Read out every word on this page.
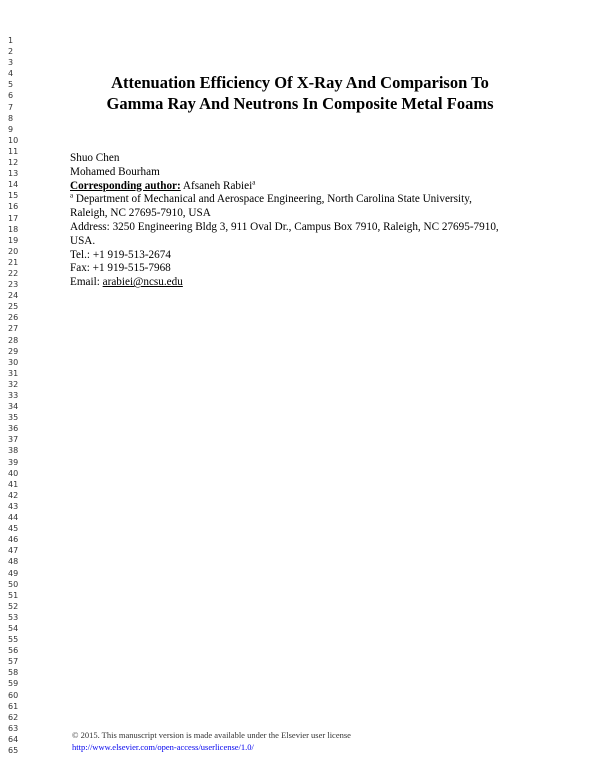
1
2
3
4
5
6
7
8
9
10
11
12
13
14
15
16
17
18
19
20
21
22
23
24
25
26
27
28
29
30
31
32
33
34
35
36
37
38
39
40
41
42
43
44
45
46
47
48
49
50
51
52
53
54
55
56
57
58
59
60
61
62
63
64
65
Attenuation Efficiency Of X-Ray And Comparison To
Gamma Ray And Neutrons In Composite Metal Foams
Shuo Chen
Mohamed Bourham
Corresponding author: Afsaneh Rabiei$^a$
$^a$ Department of Mechanical and Aerospace Engineering, North Carolina State University,
Raleigh, NC 27695-7910, USA
Address: 3250 Engineering Bldg 3, 911 Oval Dr., Campus Box 7910, Raleigh, NC 27695-7910,
USA.
Tel.: +1 919-513-2674
Fax: +1 919-515-7968
Email: arabiei@ncsu.edu
© 2015. This manuscript version is made available under the Elsevier user license
http://www.elsevier.com/open-access/userlicense/1.0/
